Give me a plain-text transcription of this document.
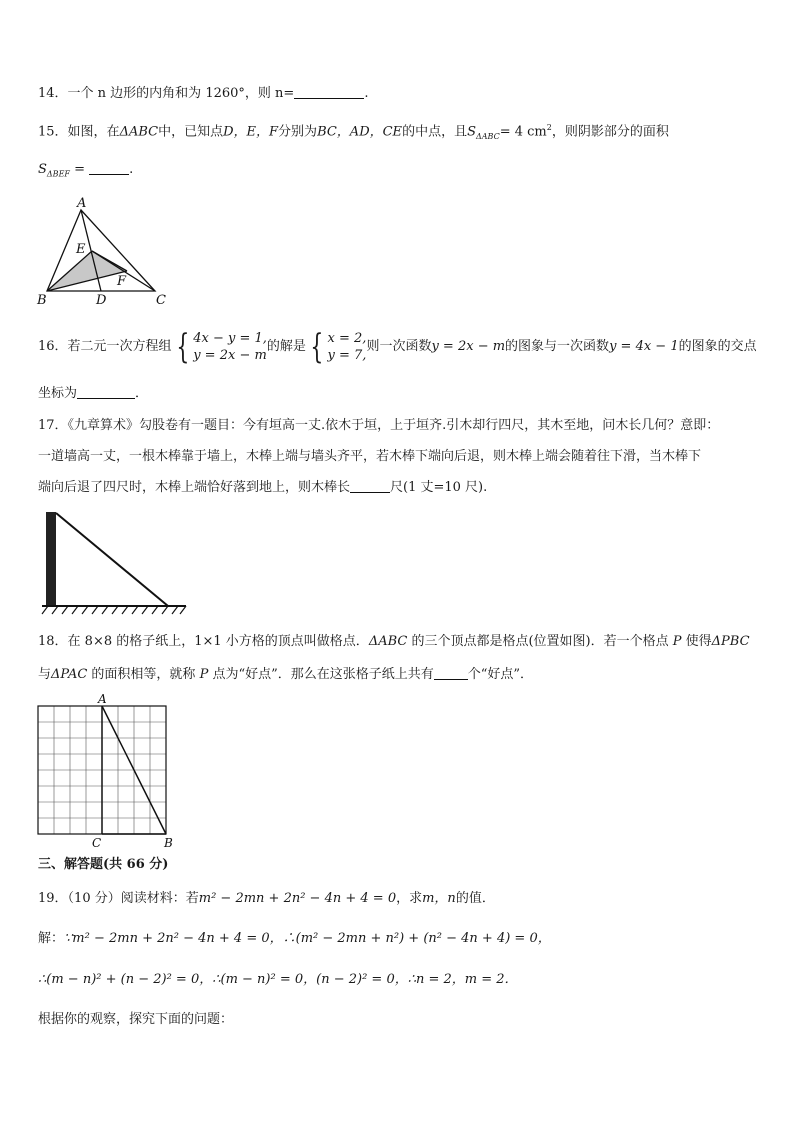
14．一个 n 边形的内角和为 1260°，则 n=	.
15．如图，在ΔABC中，已知点D，E，F分别为BC，AD，CE的中点，且$S_{\Delta ABC}= 4$ $cm^2$，则阴影部分的面积
$S_{\Delta BEF}$ =	.
A
B	C
D
E
F
16．若二元一次方程组 { 4x − y = 1,
y = 2x − m
的解是 { x = 2,
y = 7,
则一次函数y = 2x − m的图象与一次函数y = 4x − 1的图象的交点
坐标为	．
17．《九章算术》勾股卷有一题目：今有垣高一丈.依木于垣，上于垣齐.引木却行四尺，其木至地，问木长几何？意即：
一道墙高一丈，一根木棒靠于墙上，木棒上端与墙头齐平，若木棒下端向后退，则木棒上端会随着往下滑，当木棒下
端向后退了四尺时，木棒上端恰好落到地上，则木棒长	尺(1 丈=10 尺).
18．在 8×8 的格子纸上，1×1 小方格的顶点叫做格点．ΔABC 的三个顶点都是格点(位置如图)．若一个格点 P 使得ΔPBC
与ΔPAC 的面积相等，就称 P 点为“好点”．那么在这张格子纸上共有	个“好点”．
A
C	B
三、解答题(共 66 分)
19．（10 分）阅读材料：若m² − 2mn + 2n² − 4n + 4 = 0，求m，n的值．
解：∵m² − 2mn + 2n² − 4n + 4 = 0，∴(m² − 2mn + n²) + (n² − 4n + 4) = 0，
∴(m − n)² + (n − 2)² = 0，∴(m − n)² = 0，(n − 2)² = 0，∴n = 2，m = 2．
根据你的观察，探究下面的问题：
